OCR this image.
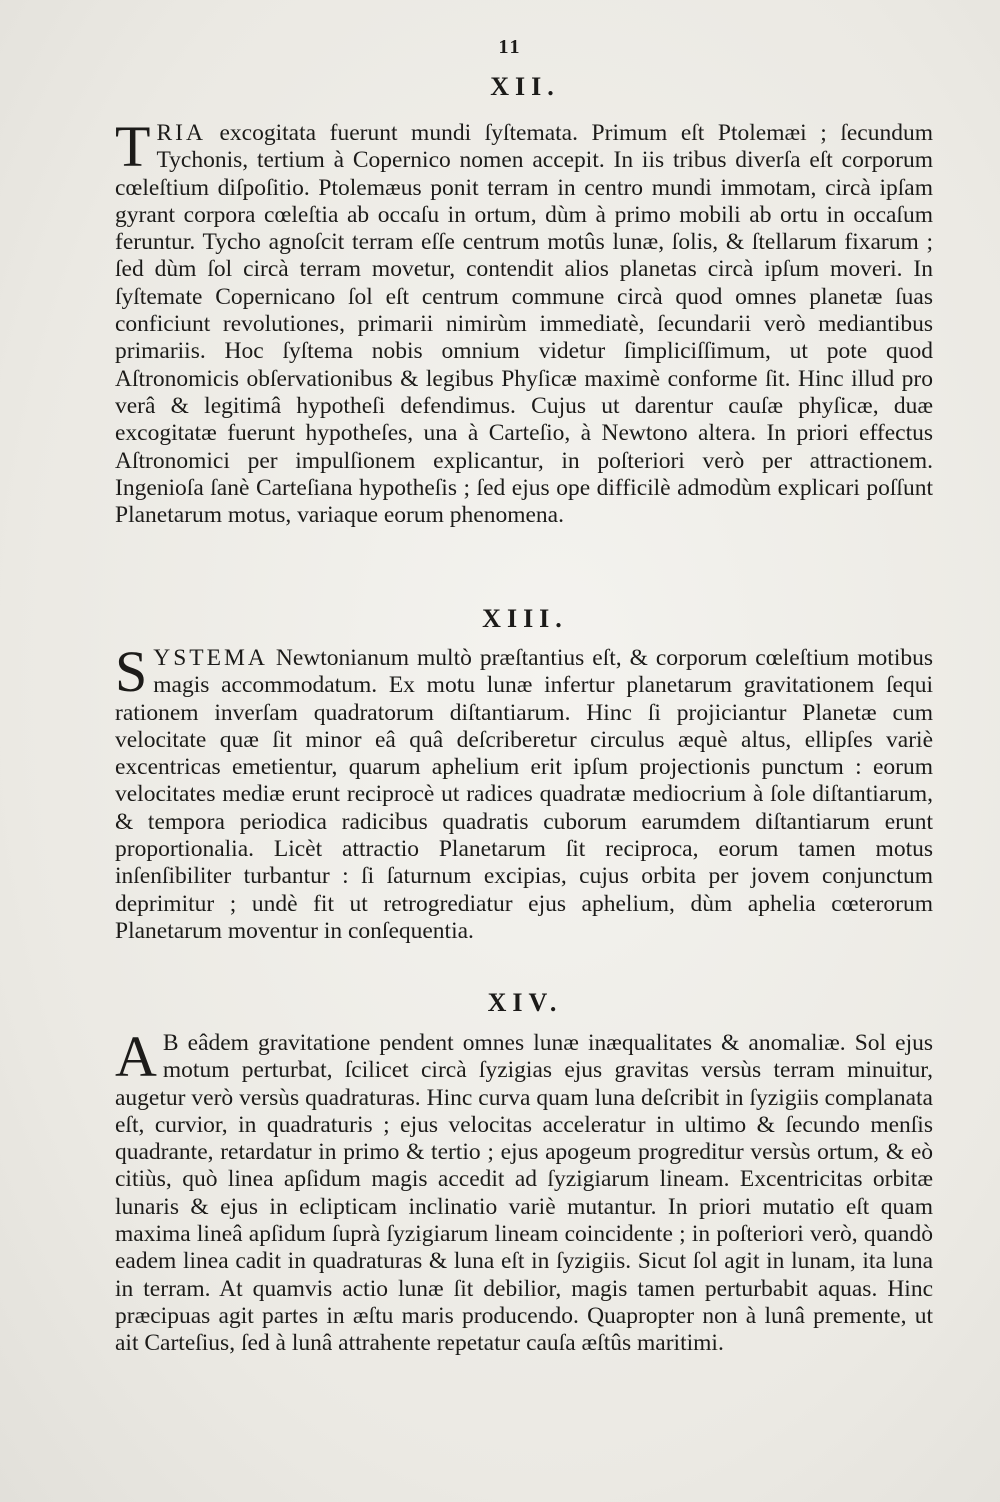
11
XII.
TRIA excogitata fuerunt mundi ſyſtemata. Primum eſt Ptolemæi ; ſecundum Tychonis, tertium à Copernico nomen accepit. In iis tribus diverſa eſt corporum cœleſtium diſpoſitio. Ptolemæus ponit terram in centro mundi immotam, circà ipſam gyrant corpora cœleſtia ab occaſu in ortum, dùm à primo mobili ab ortu in occaſum feruntur. Tycho agnoſcit terram eſſe centrum motûs lunæ, ſolis, & ſtellarum fixarum ; ſed dùm ſol circà terram movetur, contendit alios planetas circà ipſum moveri. In ſyſtemate Copernicano ſol eſt centrum commune circà quod omnes planetæ ſuas conficiunt revolutiones, primarii nimirùm immediatè, ſecundarii verò mediantibus primariis. Hoc ſyſtema nobis omnium videtur ſimpliciſſimum, ut pote quod Aſtronomicis obſervationibus & legibus Phyſicæ maximè conforme ſit. Hinc illud pro verâ & legitimâ hypotheſi defendimus. Cujus ut darentur cauſæ phyſicæ, duæ excogitatæ fuerunt hypotheſes, una à Carteſio, à Newtono altera. In priori effectus Aſtronomici per impulſionem explicantur, in poſteriori verò per attractionem. Ingenioſa ſanè Carteſiana hypotheſis ; ſed ejus ope difficilè admodùm explicari poſſunt Planetarum motus, variaque eorum phenomena.
XIII.
SYSTEMA Newtonianum multò præſtantius eſt, & corporum cœleſtium motibus magis accommodatum. Ex motu lunæ infertur planetarum gravitationem ſequi rationem inverſam quadratorum diſtantiarum. Hinc ſi projiciantur Planetæ cum velocitate quæ ſit minor eâ quâ deſcriberetur circulus æquè altus, ellipſes variè excentricas emetientur, quarum aphelium erit ipſum projectionis punctum : eorum velocitates mediæ erunt reciprocè ut radices quadratæ mediocrium à ſole diſtantiarum, & tempora periodica radicibus quadratis cuborum earumdem diſtantiarum erunt proportionalia. Licèt attractio Planetarum ſit reciproca, eorum tamen motus inſenſibiliter turbantur : ſi ſaturnum excipias, cujus orbita per jovem conjunctum deprimitur ; undè fit ut retrogrediatur ejus aphelium, dùm aphelia cœterorum Planetarum moventur in conſequentia.
XIV.
A B eâdem gravitatione pendent omnes lunæ inæqualitates & anomaliæ. Sol ejus motum perturbat, ſcilicet circà ſyzigias ejus gravitas versùs terram minuitur, augetur verò versùs quadraturas. Hinc curva quam luna deſcribit in ſyzigiis complanata eſt, curvior, in quadraturis ; ejus velocitas acceleratur in ultimo & ſecundo menſis quadrante, retardatur in primo & tertio ; ejus apogeum progreditur versùs ortum, & eò citiùs, quò linea apſidum magis accedit ad ſyzigiarum lineam. Excentricitas orbitæ lunaris & ejus in eclipticam inclinatio variè mutantur. In priori mutatio eſt quam maxima lineâ apſidum ſuprà ſyzigiarum lineam coincidente ; in poſteriori verò, quandò eadem linea cadit in quadraturas & luna eſt in ſyzigiis. Sicut ſol agit in lunam, ita luna in terram. At quamvis actio lunæ ſit debilior, magis tamen perturbabit aquas. Hinc præcipuas agit partes in æſtu maris producendo. Quapropter non à lunâ premente, ut ait Carteſius, ſed à lunâ attrahente repetatur cauſa æſtûs maritimi.
